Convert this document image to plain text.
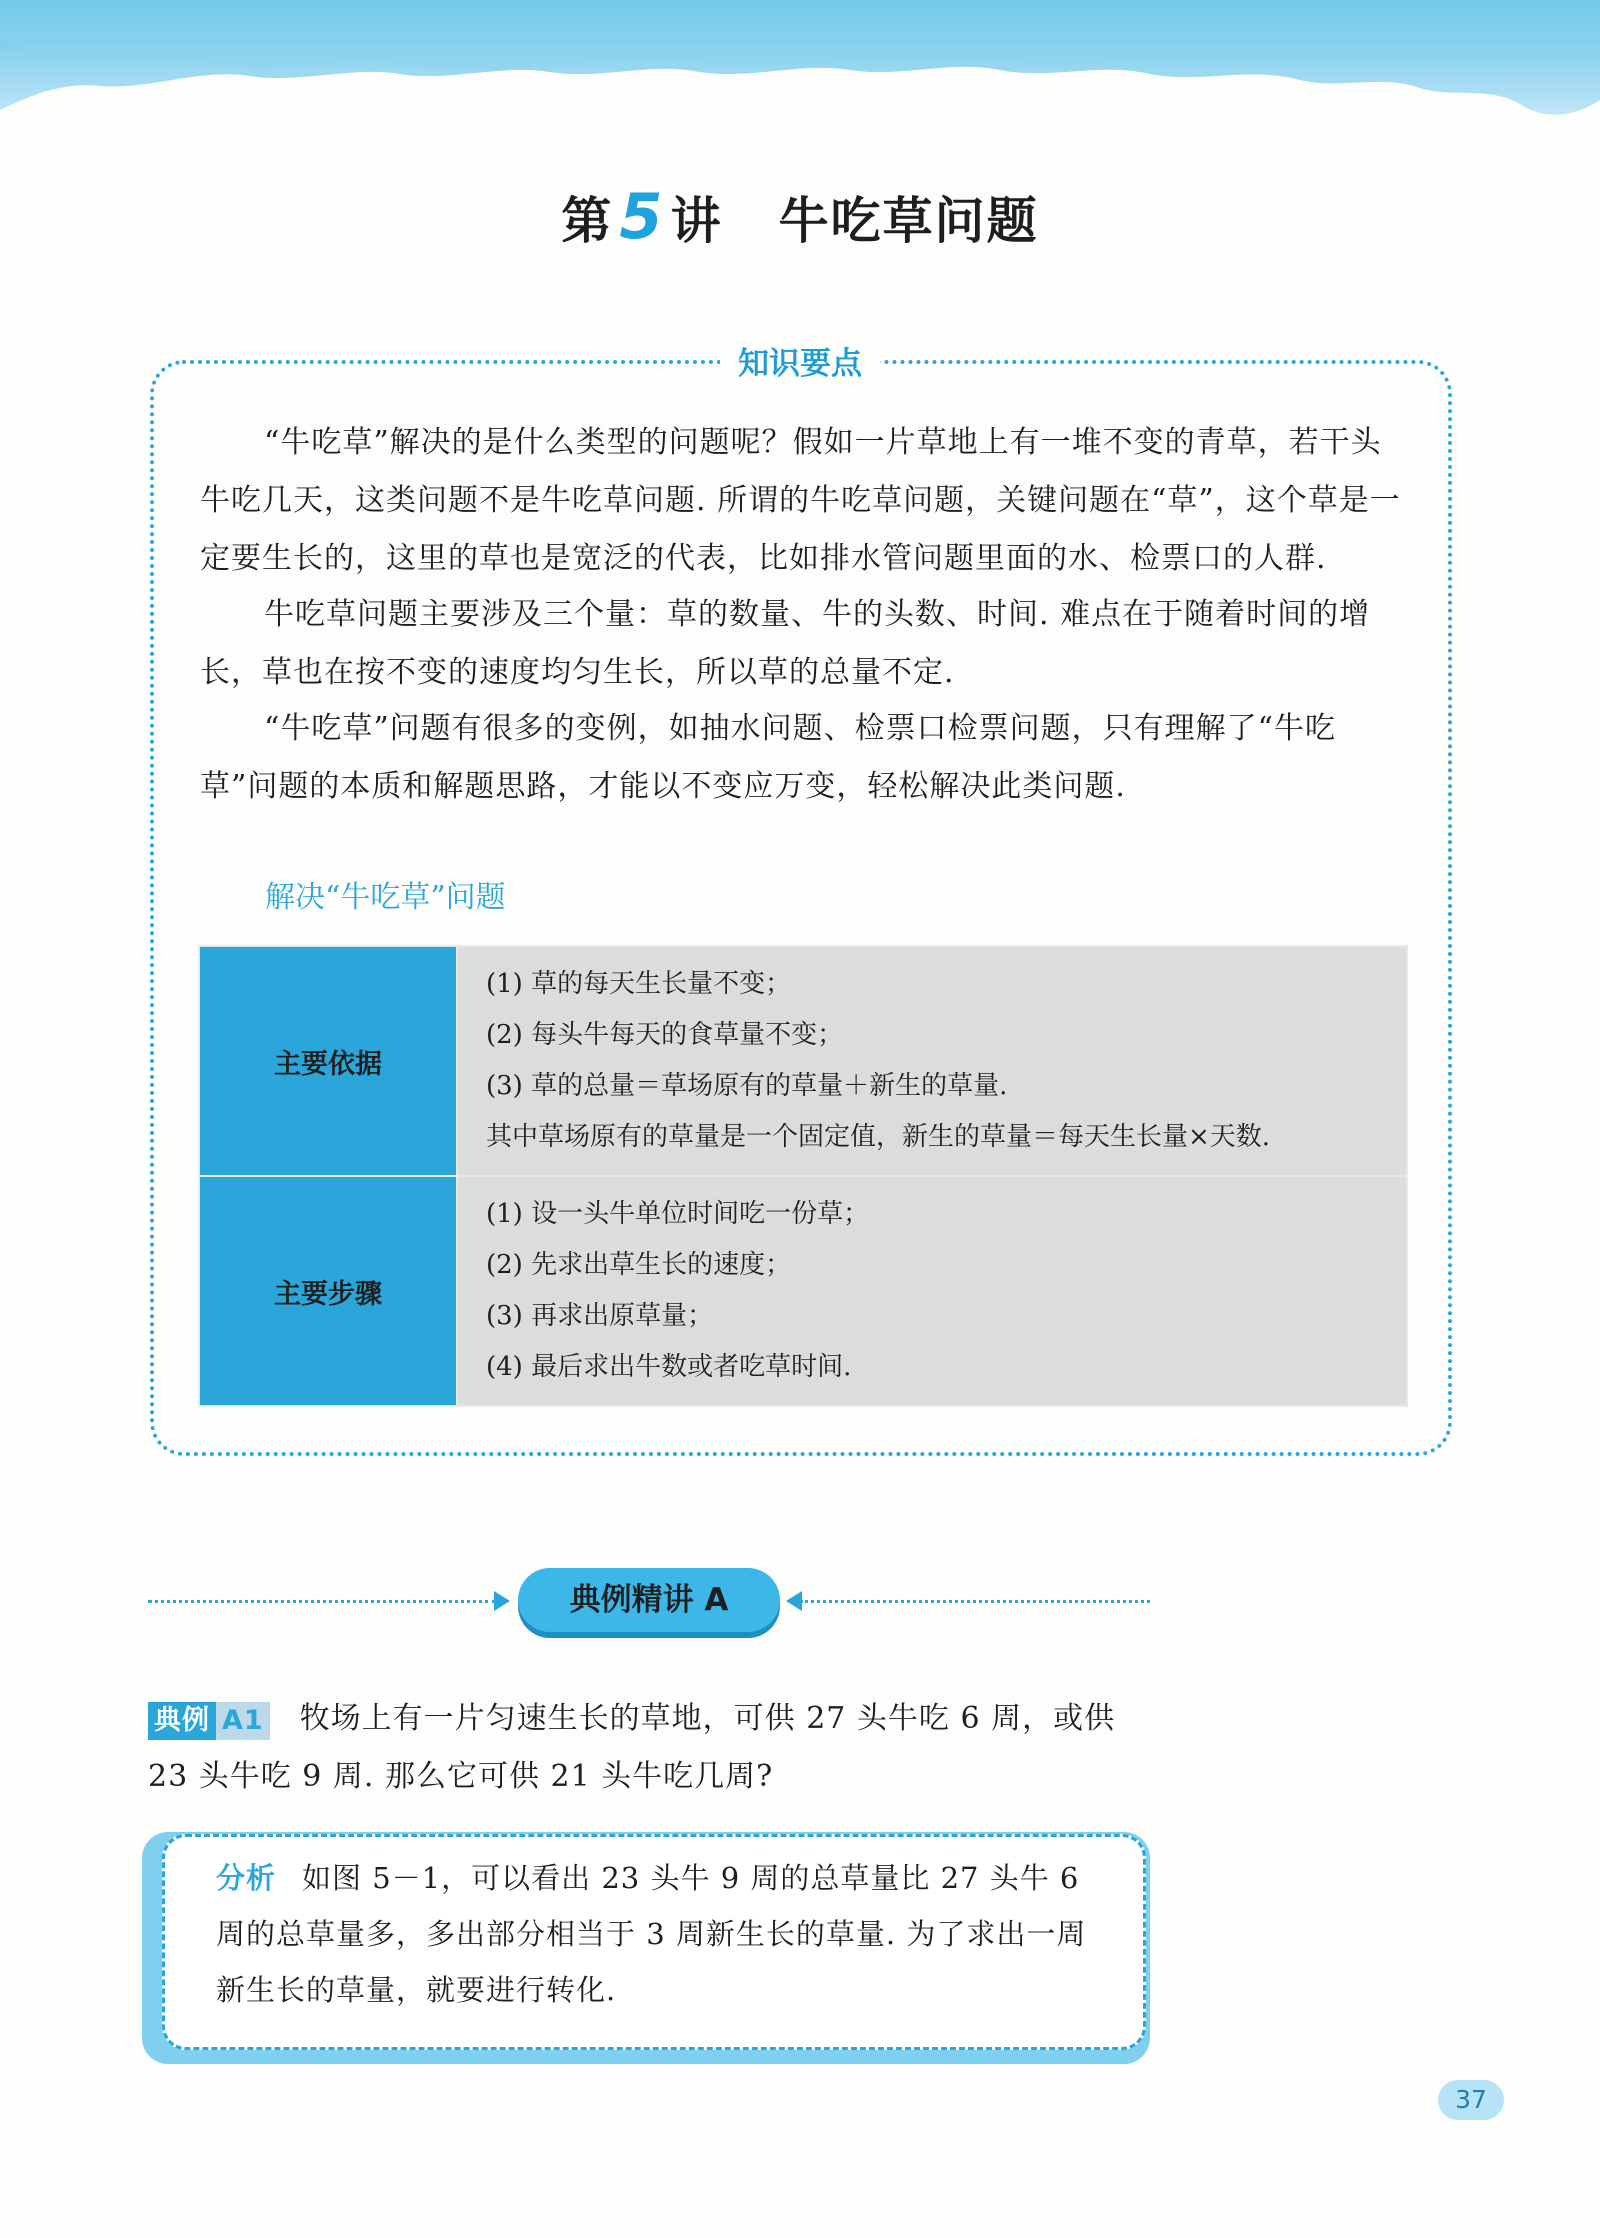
第5 讲 牛吃草问题
知识要点

“牛吃草”解决的是什么类型的问题呢？假如一片草地上有一堆不变的青草，若干头牛吃几天，这类问题不是牛吃草问题. 所谓的牛吃草问题，关键问题在“草”，这个草是一定要生长的，这里的草也是宽泛的代表，比如排水管问题里面的水、检票口的人群.

牛吃草问题主要涉及三个量：草的数量、牛的头数、时间. 难点在于随着时间的增长，草也在按不变的速度均匀生长，所以草的总量不定.

“牛吃草”问题有很多的变例，如抽水问题、检票口检票问题，只有理解了“牛吃草”问题的本质和解题思路，才能以不变应万变，轻松解决此类问题.

解决“牛吃草”问题
主要依据	(1) 草的每天生长量不变；
(2) 每头牛每天的食草量不变；
(3) 草的总量＝草场原有的草量＋新生的草量.
其中草场原有的草量是一个固定值，新生的草量＝每天生长量×天数.

主要步骤	(1) 设一头牛单位时间吃一份草；
(2) 先求出草生长的速度；
(3) 再求出原草量；
(4) 最后求出牛数或者吃草时间.
典例精讲 A
典例 A1 牧场上有一片匀速生长的草地，可供 27 头牛吃 6 周，或供 23 头牛吃 9 周. 那么它可供 21 头牛吃几周?
分析 如图 5－1，可以看出 23 头牛 9 周的总草量比 27 头牛 6 周的总草量多，多出部分相当于 3 周新生长的草量. 为了求出一周新生长的草量，就要进行转化.
37
